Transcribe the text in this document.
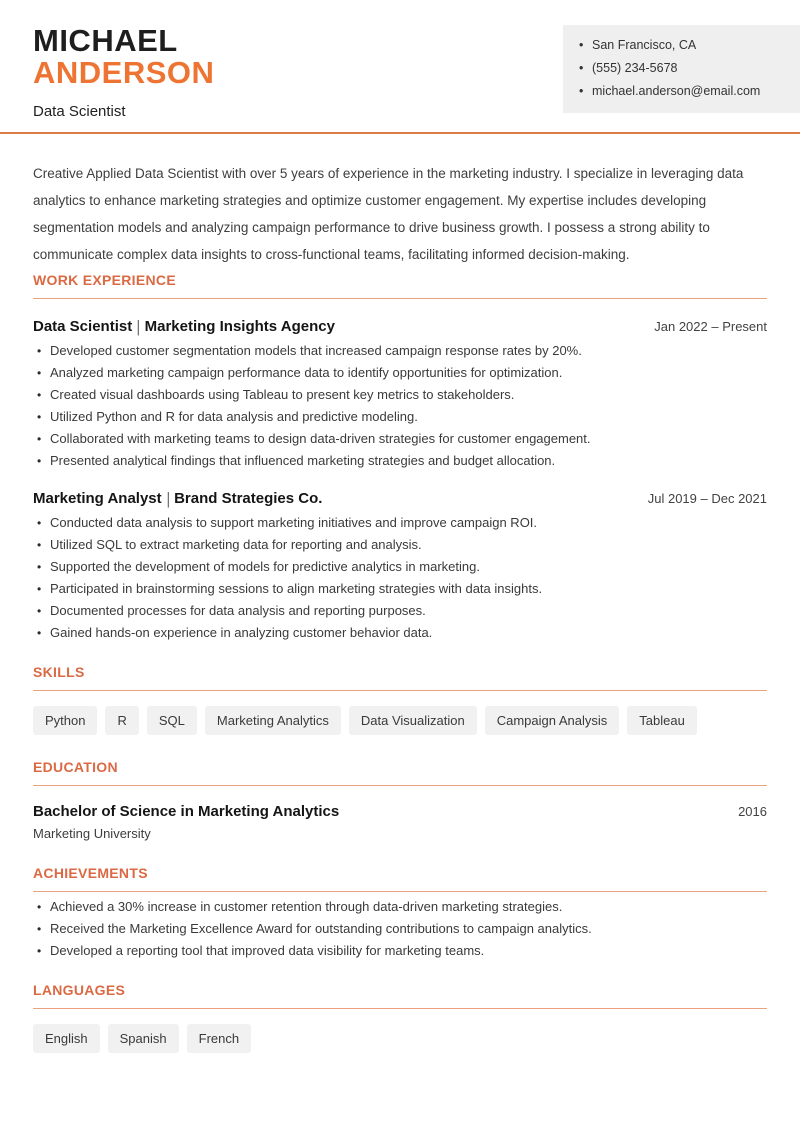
MICHAEL
ANDERSON
Data Scientist
• San Francisco, CA
• (555) 234-5678
• michael.anderson@email.com

Creative Applied Data Scientist with over 5 years of experience in the marketing industry. I specialize in leveraging data analytics to enhance marketing strategies and optimize customer engagement. My expertise includes developing segmentation models and analyzing campaign performance to drive business growth. I possess a strong ability to communicate complex data insights to cross-functional teams, facilitating informed decision-making.

WORK EXPERIENCE
Data Scientist | Marketing Insights Agency	Jan 2022 – Present
• Developed customer segmentation models that increased campaign response rates by 20%.
• Analyzed marketing campaign performance data to identify opportunities for optimization.
• Created visual dashboards using Tableau to present key metrics to stakeholders.
• Utilized Python and R for data analysis and predictive modeling.
• Collaborated with marketing teams to design data-driven strategies for customer engagement.
• Presented analytical findings that influenced marketing strategies and budget allocation.
Marketing Analyst | Brand Strategies Co.	Jul 2019 – Dec 2021
• Conducted data analysis to support marketing initiatives and improve campaign ROI.
• Utilized SQL to extract marketing data for reporting and analysis.
• Supported the development of models for predictive analytics in marketing.
• Participated in brainstorming sessions to align marketing strategies with data insights.
• Documented processes for data analysis and reporting purposes.
• Gained hands-on experience in analyzing customer behavior data.
SKILLS
Python	R	SQL	Marketing Analytics	Data Visualization	Campaign Analysis	Tableau
EDUCATION
Bachelor of Science in Marketing Analytics	2016
Marketing University
ACHIEVEMENTS
• Achieved a 30% increase in customer retention through data-driven marketing strategies.
• Received the Marketing Excellence Award for outstanding contributions to campaign analytics.
• Developed a reporting tool that improved data visibility for marketing teams.
LANGUAGES
English	Spanish	French
